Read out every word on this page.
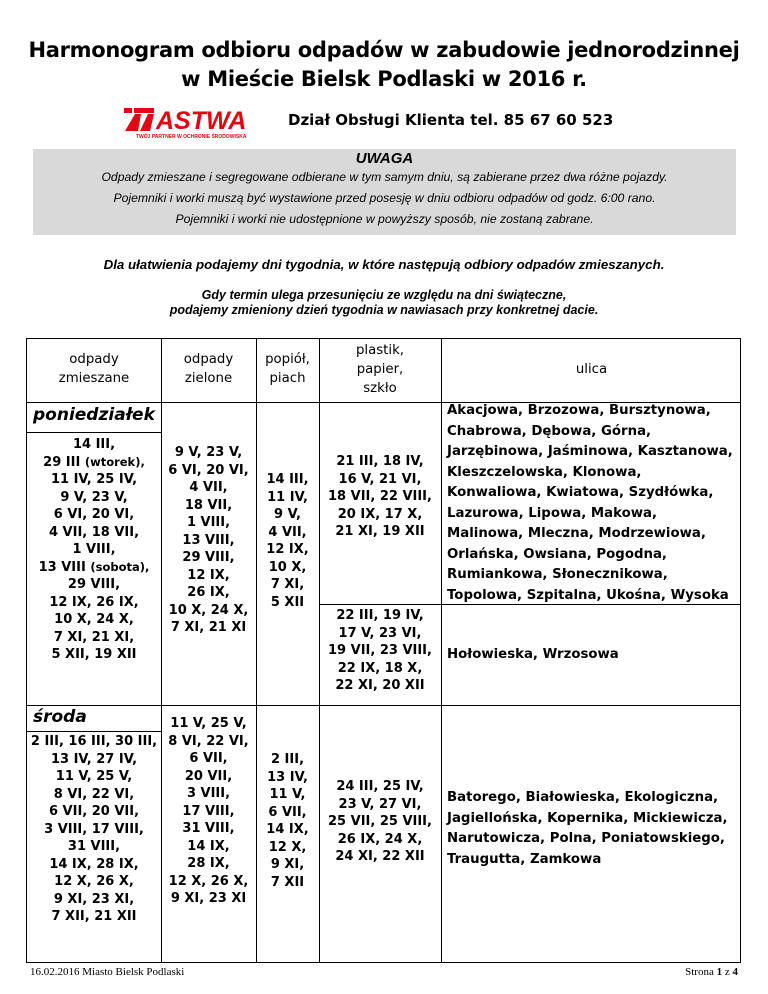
Harmonogram odbioru odpadów w zabudowie jednorodzinnej
w Mieście Bielsk Podlaski w 2016 r.
ASTWA
TWÓJ PARTNER W OCHRONIE ŚRODOWISKA
Dział Obsługi Klienta tel. 85 67 60 523
UWAGA
Odpady zmieszane i segregowane odbierane w tym samym dniu, są zabierane przez dwa różne pojazdy.
Pojemniki i worki muszą być wystawione przed posesję w dniu odbioru odpadów od godz. 6:00 rano.
Pojemniki i worki nie udostępnione w powyższy sposób, nie zostaną zabrane.
Dla ułatwienia podajemy dni tygodnia, w które następują odbiory odpadów zmieszanych.
Gdy termin ulega przesunięciu ze względu na dni świąteczne,
podajemy zmieniony dzień tygodnia w nawiasach przy konkretnej dacie.
odpady
zmieszane
odpady
zielone
popiół,
piach
plastik,
papier,
szkło
ulica
poniedziałek
14 III,
29 III (wtorek),
11 IV, 25 IV,
9 V, 23 V,
6 VI, 20 VI,
4 VII, 18 VII,
1 VIII,
13 VIII (sobota),
29 VIII,
12 IX, 26 IX,
10 X, 24 X,
7 XI, 21 XI,
5 XII, 19 XII
9 V, 23 V,
6 VI, 20 VI,
4 VII,
18 VII,
1 VIII,
13 VIII,
29 VIII,
12 IX,
26 IX,
10 X, 24 X,
7 XI, 21 XI
14 III,
11 IV,
9 V,
4 VII,
12 IX,
10 X,
7 XI,
5 XII
21 III, 18 IV,
16 V, 21 VI,
18 VII, 22 VIII,
20 IX, 17 X,
21 XI, 19 XII
Akacjowa, Brzozowa, Bursztynowa,
Chabrowa, Dębowa, Górna,
Jarzębinowa, Jaśminowa, Kasztanowa,
Kleszczelowska, Klonowa,
Konwaliowa, Kwiatowa, Szydłówka,
Lazurowa, Lipowa, Makowa,
Malinowa, Mleczna, Modrzewiowa,
Orlańska, Owsiana, Pogodna,
Rumiankowa, Słonecznikowa,
Topolowa, Szpitalna, Ukośna, Wysoka
22 III, 19 IV,
17 V, 23 VI,
19 VII, 23 VIII,
22 IX, 18 X,
22 XI, 20 XII
Hołowieska, Wrzosowa
środa
2 III, 16 III, 30 III,
13 IV, 27 IV,
11 V, 25 V,
8 VI, 22 VI,
6 VII, 20 VII,
3 VIII, 17 VIII,
31 VIII,
14 IX, 28 IX,
12 X, 26 X,
9 XI, 23 XI,
7 XII, 21 XII
11 V, 25 V,
8 VI, 22 VI,
6 VII,
20 VII,
3 VIII,
17 VIII,
31 VIII,
14 IX,
28 IX,
12 X, 26 X,
9 XI, 23 XI
2 III,
13 IV,
11 V,
6 VII,
14 IX,
12 X,
9 XI,
7 XII
24 III, 25 IV,
23 V, 27 VI,
25 VII, 25 VIII,
26 IX, 24 X,
24 XI, 22 XII
Batorego, Białowieska, Ekologiczna,
Jagiellońska, Kopernika, Mickiewicza,
Narutowicza, Polna, Poniatowskiego,
Traugutta, Zamkowa
16.02.2016 Miasto Bielsk Podlaski	Strona 1 z 4
